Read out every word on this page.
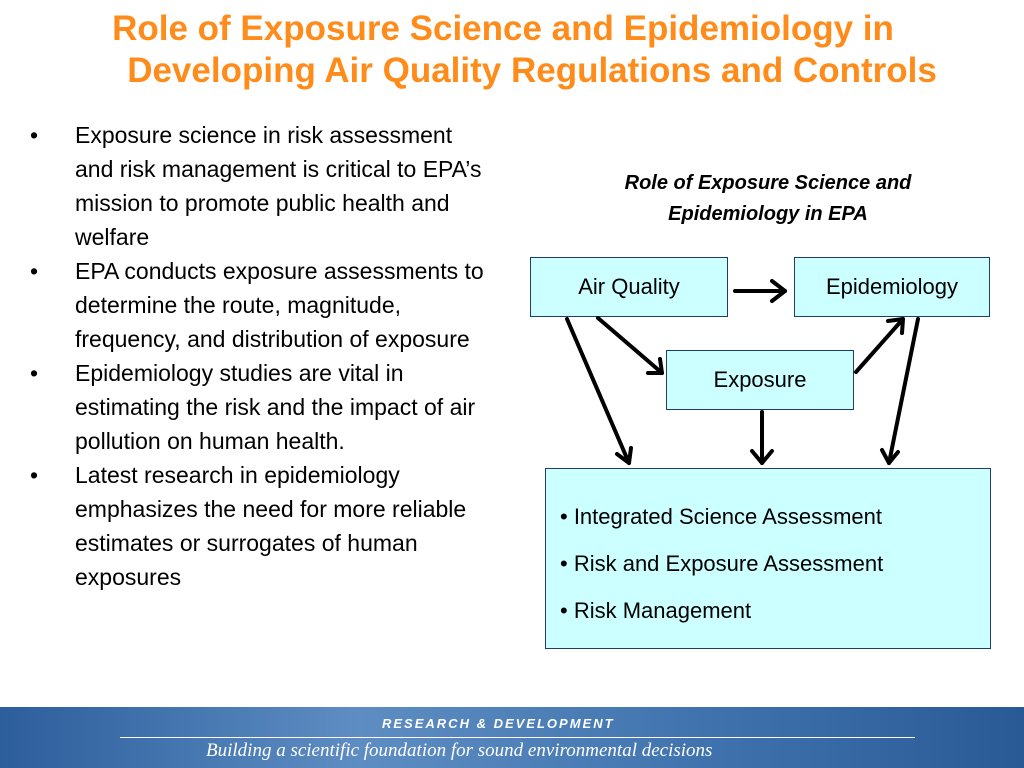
Role of Exposure Science and Epidemiology in
Developing Air Quality Regulations and Controls
• Exposure science in risk assessment and risk management is critical to EPA’s mission to promote public health and welfare
• EPA conducts exposure assessments to determine the route, magnitude, frequency, and distribution of exposure
• Epidemiology studies are vital in estimating the risk and the impact of air pollution on human health.
• Latest research in epidemiology emphasizes the need for more reliable estimates or surrogates of human exposures
Role of Exposure Science and
Epidemiology in EPA
Air Quality	Epidemiology
Exposure
• Integrated Science Assessment
• Risk and Exposure Assessment
• Risk Management
RESEARCH & DEVELOPMENT
Building a scientific foundation for sound environmental decisions
